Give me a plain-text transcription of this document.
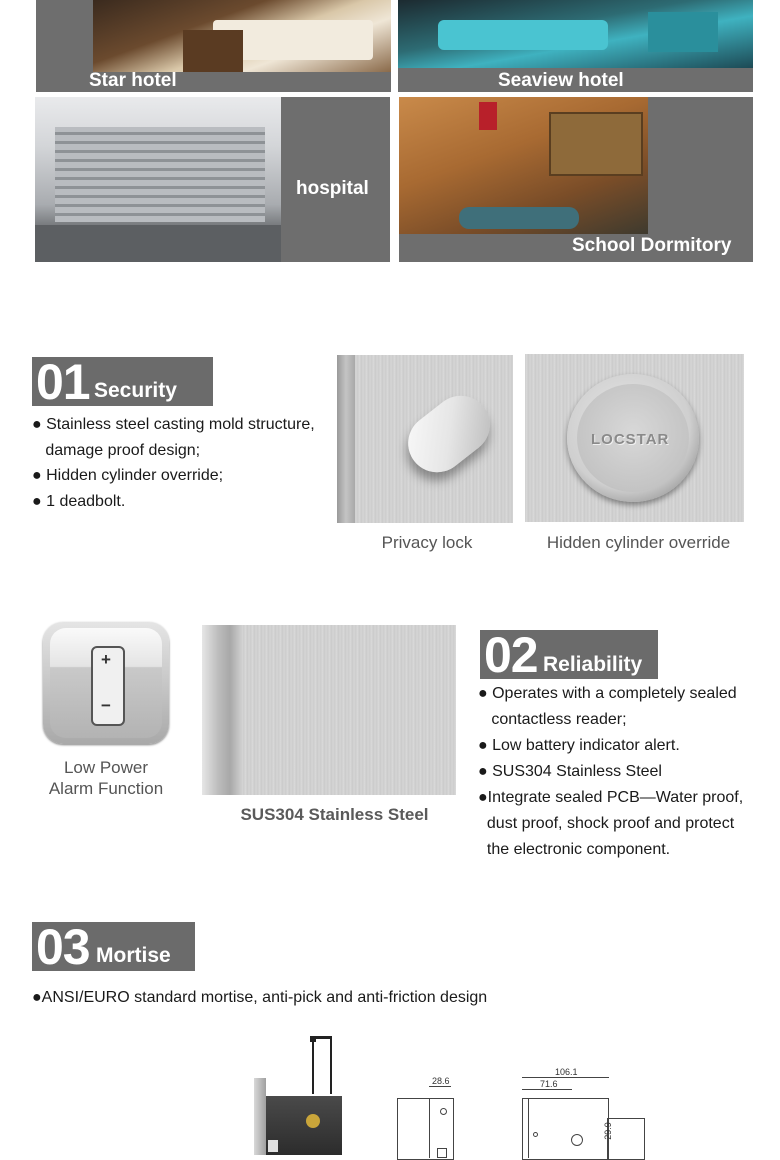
Star hotel	Seaview hotel
hospital
School Dormitory
01 Security
● Stainless steel casting mold structure,
damage proof design;
● Hidden cylinder override;
● 1 deadbolt.
Privacy lock
LOCSTAR
Hidden cylinder override
+
−
Low Power
Alarm Function
SUS304 Stainless Steel
02 Reliability
● Operates with a completely sealed
contactless reader;
● Low battery indicator alert.
● SUS304 Stainless Steel
●Integrate sealed PCB—Water proof,
dust proof, shock proof and protect
the electronic component.
03 Mortise
●ANSI/EURO standard mortise, anti-pick and anti-friction design
28.6
106.1
71.6
29.9
